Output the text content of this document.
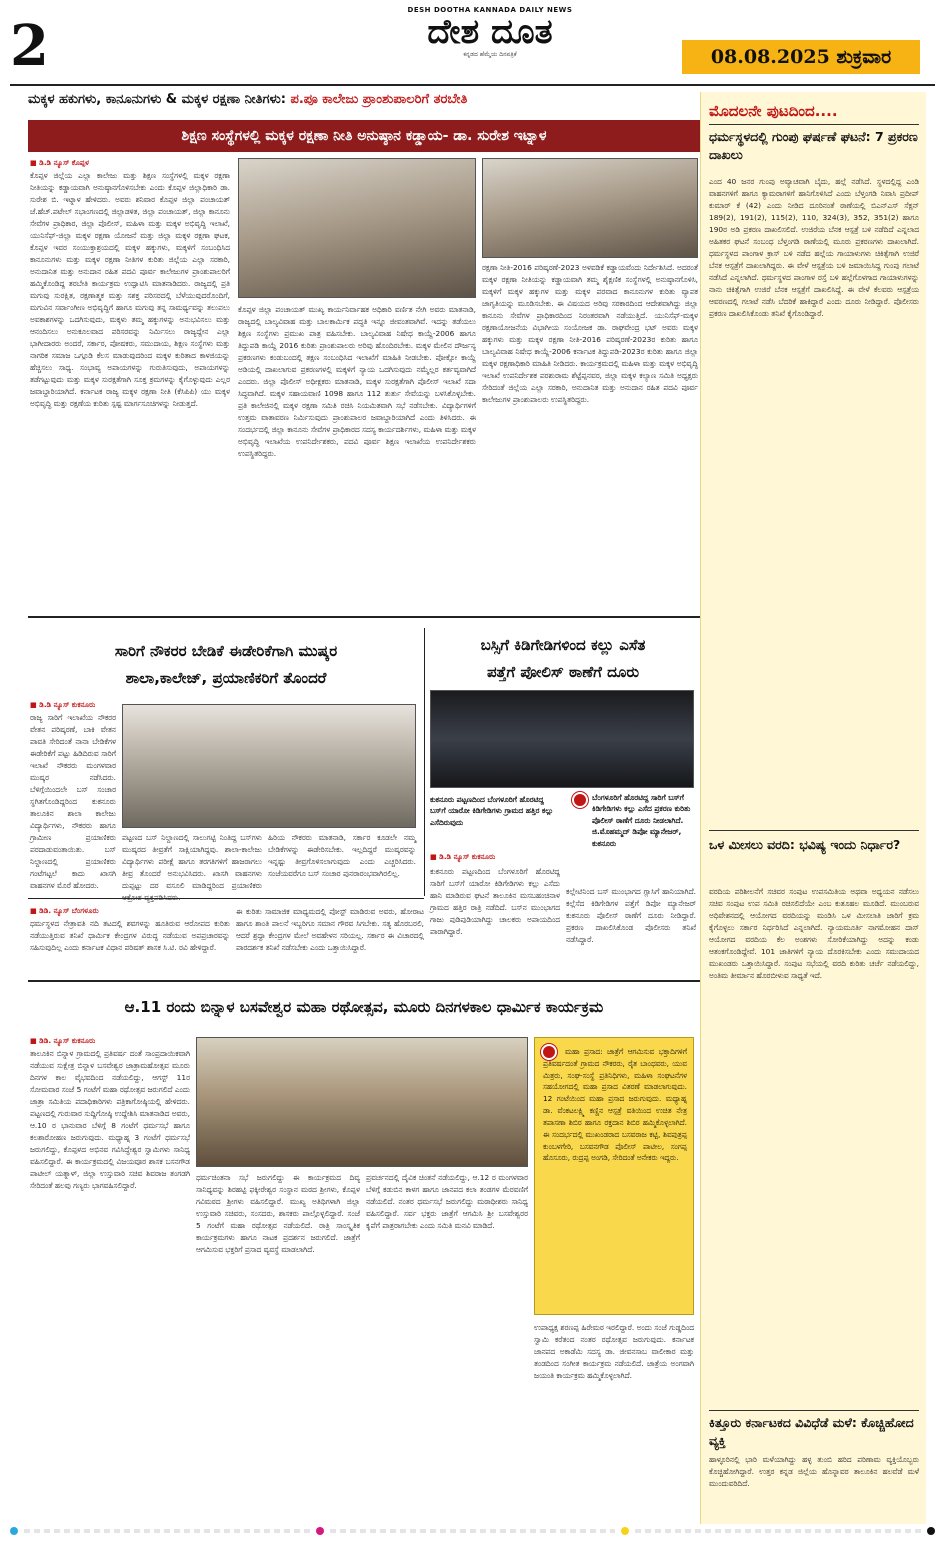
2
DESH DOOTHA KANNADA DAILY NEWS
ದೇಶ ದೂತ
ಕನ್ನಡದ ಹೆಮ್ಮೆಯ ದಿನಪತ್ರಿಕೆ	08.08.2025 ಶುಕ್ರವಾರ
ಮಕ್ಕಳ ಹಕುಗಳು, ಕಾನೂನುಗಳು & ಮಕ್ಕಳ ರಕ್ಷಣಾ ನೀತಿಗಳು: ಪ.ಪೂ ಕಾಲೇಜು ಪ್ರಾಂಶುಪಾಲರಿಗೆ ತರಬೇತಿ
ಶಿಕ್ಷಣ ಸಂಸ್ಥೆಗಳಲ್ಲಿ ಮಕ್ಕಳ ರಕ್ಷಣಾ ನೀತಿ ಅನುಷ್ಠಾನ ಕಡ್ಡಾಯ- ಡಾ. ಸುರೇಶ ಇಟ್ನಾಳ
■ ಡಿ.ಡಿ ನ್ಯೂಸ್ ಕೊಪ್ಪಳ
ಕೊಪ್ಪಳ ಜಿಲ್ಲೆಯ ಎಲ್ಲಾ ಕಾಲೇಜು ಮತ್ತು ಶಿಕ್ಷಣ ಸಂಸ್ಥೆಗಳಲ್ಲಿ ಮಕ್ಕಳ ರಕ್ಷಣಾ ನೀತಿಯನ್ನು ಕಡ್ಡಾಯವಾಗಿ ಅನುಷ್ಠಾನಗೊಳಿಸಬೇಕು ಎಂದು ಕೊಪ್ಪಳ ಜಿಲ್ಲಾಧಿಕಾರಿ ಡಾ. ಸುರೇಶ ಬಿ. ಇಟ್ನಾಳ ಹೇಳಿದರು. ಅವರು ಶನಿವಾರ ಕೊಪ್ಪಳ ಜಿಲ್ಲಾ ಪಂಚಾಯತ್ ಜೆ.ಹೆಚ್.ಪಟೇಲ್ ಸಭಾಂಗಣದಲ್ಲಿ ಜಿಲ್ಲಾಡಳಿತ, ಜಿಲ್ಲಾ ಪಂಚಾಯತ್, ಜಿಲ್ಲಾ ಕಾನೂನು ಸೇವೆಗಳ ಪ್ರಾಧಿಕಾರ, ಜಿಲ್ಲಾ ಪೊಲೀಸ್, ಮಹಿಳಾ ಮತ್ತು ಮಕ್ಕಳ ಅಭಿವೃದ್ಧಿ ಇಲಾಖೆ, ಯುನಿಸೆಫ್-ಜಿಲ್ಲಾ ಮಕ್ಕಳ ರಕ್ಷಣಾ ಯೋಜನೆ ಮತ್ತು ಜಿಲ್ಲಾ ಮಕ್ಕಳ ರಕ್ಷಣಾ ಘಟಕ, ಕೊಪ್ಪಳ ಇವರ ಸಂಯುಕ್ತಾಶ್ರಯದಲ್ಲಿ ಮಕ್ಕಳ ಹಕ್ಕುಗಳು, ಮಕ್ಕಳಿಗೆ ಸಂಬಂಧಿಸಿದ ಕಾನೂನುಗಳು ಮತ್ತು ಮಕ್ಕಳ ರಕ್ಷಣಾ ನೀತಿಗಳ ಕುರಿತು ಜಿಲ್ಲೆಯ ಎಲ್ಲಾ ಸರಕಾರಿ, ಅನುದಾನಿತ ಮತ್ತು ಅನುದಾನ ರಹಿತ ಪದವಿ ಪೂರ್ವ ಕಾಲೇಜುಗಳ ಪ್ರಾಂಶುಪಾಲರಿಗೆ ಹಮ್ಮಿಕೊಂಡಿದ್ದ ತರಬೇತಿ ಕಾರ್ಯಕ್ರಮ ಉದ್ಘಾಟಿಸಿ ಮಾತನಾಡಿದರು. ರಾಜ್ಯದಲ್ಲಿ ಪ್ರತಿ ಮಗುವು ಸುರಕ್ಷಿತ, ರಕ್ಷಣಾತ್ಮಕ ಮತ್ತು ಸಶಕ್ತ ಪರಿಸರದಲ್ಲಿ ಬೆಳೆಯುವುದರೊಂದಿಗೆ, ಮಗುವಿನ ಸರ್ವಾಂಗೀಣ ಅಭಿವೃದ್ಧಿಗೆ ಹಾಗೂ ಮಗುವು ತನ್ನ ಸಾಮರ್ಥ್ಯವನ್ನು ತಲುಪಲು ಅವಕಾಶಗಳನ್ನು ಒದಗಿಸುವುದು, ಮಕ್ಕಳು ತಮ್ಮ ಹಕ್ಕುಗಳನ್ನು ಅನುಭವಿಸಲು ಮತ್ತು ಆನಂದಿಸಲು ಅನುಕೂಲವಾದ ಪರಿಸರವನ್ನು ನಿರ್ಮಿಸಲು ರಾಜ್ಯದ್ದೇನ ಎಲ್ಲಾ ಭಾಗೀದಾರರು ಅಂದರೆ, ಸರ್ಕಾರ, ಪೋಷಕರು, ಸಮುದಾಯ, ಶಿಕ್ಷಣ ಸಂಸ್ಥೆಗಳು ಮತ್ತು ನಾಗರಿಕ ಸಮಾಜ ಒಗ್ಗೂಡಿ ಕೆಲಸ ಮಾಡುವುದರಿಂದ ಮಕ್ಕಳ ಕುರಿತಾದ ಕಾಳಜಿಯನ್ನು ಹೆಚ್ಚಿಸಲು ಸಾಧ್ಯ. ಸಂಭಾವ್ಯ ಅಪಾಯಗಳನ್ನು ಗುರುತಿಸುವುದು, ಅಪಾಯಗಳನ್ನು ತಡೆಗಟ್ಟುವುದು ಮತ್ತು ಮಕ್ಕಳ ಸುರಕ್ಷತೆಗಾಗಿ ಸೂಕ್ತ ಕ್ರಮಗಳನ್ನು ಕೈಗೊಳ್ಳುವುದು ಎಲ್ಲರ ಜವಾಬ್ದಾರಿಯಾಗಿದೆ. ಕರ್ನಾಟಕ ರಾಜ್ಯ ಮಕ್ಕಳ ರಕ್ಷಣಾ ನೀತಿ (ಕೆಸಿಪಿಪಿ) ಯು ಮಕ್ಕಳ ಅಭಿವೃದ್ಧಿ ಮತ್ತು ರಕ್ಷಣೆಯ ಕುರಿತು ಸ್ಪಷ್ಟ ಮಾರ್ಗಸೂಚಿಗಳನ್ನು ನೀಡುತ್ತದೆ.
ಕೊಪ್ಪಳ ಜಿಲ್ಲಾ ಪಂಚಾಯತ್ ಮುಖ್ಯ ಕಾರ್ಯನಿರ್ವಾಹಕ ಅಧಿಕಾರಿ ವರ್ಣಿತ ನೇಗಿ ಅವರು ಮಾತನಾಡಿ, ರಾಜ್ಯದಲ್ಲಿ ಬಾಲ್ಯವಿವಾಹ ಮತ್ತು ಬಾಲಕಾರ್ಮಿಕ ಪದ್ಧತಿ ಇನ್ನೂ ಜೀವಂತವಾಗಿವೆ. ಇದನ್ನು ತಡೆಯಲು ಶಿಕ್ಷಣ ಸಂಸ್ಥೆಗಳು ಪ್ರಮುಖ ಪಾತ್ರ ವಹಿಸಬೇಕು. ಬಾಲ್ಯವಿವಾಹ ನಿಷೇಧ ಕಾಯ್ದೆ-2006 ಹಾಗೂ ತಿದ್ದುಪಡಿ ಕಾಯ್ದೆ 2016 ಕುರಿತು ಪ್ರಾಂಶುಪಾಲರು ಅರಿವು ಹೊಂದಿರಬೇಕು. ಮಕ್ಕಳ ಮೇಲಿನ ದೌರ್ಜನ್ಯ ಪ್ರಕರಣಗಳು ಕಂಡುಬಂದಲ್ಲಿ ತಕ್ಷಣ ಸಂಬಂಧಿಸಿದ ಇಲಾಖೆಗೆ ಮಾಹಿತಿ ನೀಡಬೇಕು. ಪೋಕ್ಸೋ ಕಾಯ್ದೆ ಅಡಿಯಲ್ಲಿ ದಾಖಲಾಗುವ ಪ್ರಕರಣಗಳಲ್ಲಿ ಮಕ್ಕಳಿಗೆ ನ್ಯಾಯ ಒದಗಿಸುವುದು ನಮ್ಮೆಲ್ಲರ ಕರ್ತವ್ಯವಾಗಿದೆ ಎಂದರು. ಜಿಲ್ಲಾ ಪೊಲೀಸ್ ಅಧೀಕ್ಷಕರು ಮಾತನಾಡಿ, ಮಕ್ಕಳ ಸುರಕ್ಷತೆಗಾಗಿ ಪೊಲೀಸ್ ಇಲಾಖೆ ಸದಾ ಸಿದ್ಧವಾಗಿದೆ. ಮಕ್ಕಳ ಸಹಾಯವಾಣಿ 1098 ಹಾಗೂ 112 ತುರ್ತು ಸೇವೆಯನ್ನು ಬಳಸಿಕೊಳ್ಳಬೇಕು. ಪ್ರತಿ ಕಾಲೇಜಿನಲ್ಲಿ ಮಕ್ಕಳ ರಕ್ಷಣಾ ಸಮಿತಿ ರಚಿಸಿ ನಿಯಮಿತವಾಗಿ ಸಭೆ ನಡೆಸಬೇಕು. ವಿದ್ಯಾರ್ಥಿಗಳಿಗೆ ಉತ್ತಮ ವಾತಾವರಣ ನಿರ್ಮಿಸುವುದು ಪ್ರಾಂಶುಪಾಲರ ಜವಾಬ್ದಾರಿಯಾಗಿದೆ ಎಂದು ತಿಳಿಸಿದರು. ಈ ಸಂದರ್ಭದಲ್ಲಿ ಜಿಲ್ಲಾ ಕಾನೂನು ಸೇವೆಗಳ ಪ್ರಾಧಿಕಾರದ ಸದಸ್ಯ ಕಾರ್ಯದರ್ಶಿಗಳು, ಮಹಿಳಾ ಮತ್ತು ಮಕ್ಕಳ ಅಭಿವೃದ್ಧಿ ಇಲಾಖೆಯ ಉಪನಿರ್ದೇಶಕರು, ಪದವಿ ಪೂರ್ವ ಶಿಕ್ಷಣ ಇಲಾಖೆಯ ಉಪನಿರ್ದೇಶಕರು ಉಪಸ್ಥಿತರಿದ್ದರು.
ರಕ್ಷಣಾ ನೀತಿ-2016 ಪರಿಷ್ಕರಣೆ-2023 ಅಳವಡಿಕೆ ಕಡ್ಡಾಯವೆಂದು ನಿರ್ದೇಶಿಸಿದೆ. ಅದರಂತೆ ಮಕ್ಕಳ ರಕ್ಷಣಾ ನೀತಿಯನ್ನು ಕಡ್ಡಾಯವಾಗಿ ತಮ್ಮ ಶೈಕ್ಷಣಿಕ ಸಂಸ್ಥೆಗಳಲ್ಲಿ ಅನುಷ್ಠಾನಗೊಳಿಸಿ, ಮಕ್ಕಳಿಗೆ ಮಕ್ಕಳ ಹಕ್ಕುಗಳ ಮತ್ತು ಮಕ್ಕಳ ಪರವಾದ ಕಾನೂನುಗಳ ಕುರಿತು ವ್ಯಾಪಕ ಜಾಗೃತಿಯನ್ನು ಮೂಡಿಸಬೇಕು. ಈ ವಿಷಯದ ಅರಿವು ಸರಕಾರದಿಂದ ಆದೇಶವಾಗಿದ್ದು ಜಿಲ್ಲಾ ಕಾನೂನು ಸೇವೆಗಳ ಪ್ರಾಧಿಕಾರದಿಂದ ನಿರಂತರವಾಗಿ ನಡೆಯುತ್ತಿದೆ. ಯುನಿಸೆಫ್-ಮಕ್ಕಳ ರಕ್ಷಣಾಯೋಜನೆಯ ವಿಭಾಗೀಯ ಸಂಯೋಜಕ ಡಾ. ರಾಘವೇಂದ್ರ ಭಟ್ ಅವರು ಮಕ್ಕಳ ಹಕ್ಕುಗಳು ಮತ್ತು ಮಕ್ಕಳ ರಕ್ಷಣಾ ನೀತಿ-2016 ಪರಿಷ್ಕರಣೆ-2023ರ ಕುರಿತು ಹಾಗೂ ಬಾಲ್ಯವಿವಾಹ ನಿಷೇಧ ಕಾಯ್ದೆ-2006 ಕರ್ನಾಟಕ ತಿದ್ದುಪಡಿ-2023ರ ಕುರಿತು ಹಾಗೂ ಜಿಲ್ಲಾ ಮಕ್ಕಳ ರಕ್ಷಣಾಧಿಕಾರಿ ಮಾಹಿತಿ ನೀಡಿದರು. ಕಾರ್ಯಕ್ರಮದಲ್ಲಿ ಮಹಿಳಾ ಮತ್ತು ಮಕ್ಕಳ ಅಭಿವೃದ್ಧಿ ಇಲಾಖೆ ಉಪನಿರ್ದೇಶಕ ಪರಶುರಾಮ ಶೆಟ್ಟೆಪ್ಪನವರ, ಜಿಲ್ಲಾ ಮಕ್ಕಳ ಕಲ್ಯಾಣ ಸಮಿತಿ ಅಧ್ಯಕ್ಷರು ಸೇರಿದಂತೆ ಜಿಲ್ಲೆಯ ಎಲ್ಲಾ ಸರಕಾರಿ, ಅನುದಾನಿತ ಮತ್ತು ಅನುದಾನ ರಹಿತ ಪದವಿ ಪೂರ್ವ ಕಾಲೇಜುಗಳ ಪ್ರಾಂಶುಪಾಲರು ಉಪಸ್ಥಿತರಿದ್ದರು.
ಸಾರಿಗೆ ನೌಕರರ ಬೇಡಿಕೆ ಈಡೇರಿಕೆಗಾಗಿ ಮುಷ್ಕರ
ಶಾಲಾ,ಕಾಲೇಜ್, ಪ್ರಯಾಣಿಕರಿಗೆ ತೊಂದರೆ
■ ಡಿ.ಡಿ ನ್ಯೂಸ್ ಕುಕನೂರು
ರಾಜ್ಯ ಸಾರಿಗೆ ಇಲಾಖೆಯ ನೌಕರರ ವೇತನ ಪರಿಷ್ಕರಣೆ, ಬಾಕಿ ವೇತನ ಪಾವತಿ ಸೇರಿದಂತೆ ನಾನಾ ಬೇಡಿಕೆಗಳ ಈಡೇರಿಕೆಗೆ ಪಟ್ಟು ಹಿಡಿದಿರುವ ಸಾರಿಗೆ ಇಲಾಖೆ ನೌಕರರು ಮಂಗಳವಾರ ಮುಷ್ಕರ ನಡೆಸಿದರು. ಬೆಳಿಗ್ಗೆಯಿಂದಲೇ ಬಸ್ ಸಂಚಾರ ಸ್ಥಗಿತಗೊಂಡಿದ್ದರಿಂದ ಕುಕನೂರು ತಾಲೂಕಿನ ಶಾಲಾ ಕಾಲೇಜು ವಿದ್ಯಾರ್ಥಿಗಳು, ನೌಕರರು ಹಾಗೂ ಗ್ರಾಮೀಣ ಪ್ರಯಾಣಿಕರು ಪರದಾಡುವಂತಾಯಿತು. ಬಸ್ ನಿಲ್ದಾಣದಲ್ಲಿ ಪ್ರಯಾಣಿಕರು ಗಂಟೆಗಟ್ಟಲೆ ಕಾದು ಖಾಸಗಿ ವಾಹನಗಳ ಮೊರೆ ಹೋದರು.
ಪಟ್ಟಣದ ಬಸ್ ನಿಲ್ದಾಣದಲ್ಲಿ ಸಾಲುಗಟ್ಟಿ ನಿಂತಿದ್ದ ಬಸ್‌ಗಳು ಮುಷ್ಕರದ ತೀವ್ರತೆಗೆ ಸಾಕ್ಷಿಯಾಗಿದ್ದವು. ಶಾಲಾ-ಕಾಲೇಜು ವಿದ್ಯಾರ್ಥಿಗಳು ಪರೀಕ್ಷೆ ಹಾಗೂ ತರಗತಿಗಳಿಗೆ ಹಾಜರಾಗಲು ತೀವ್ರ ತೊಂದರೆ ಅನುಭವಿಸಿದರು. ಖಾಸಗಿ ವಾಹನಗಳು ದುಪ್ಪಟ್ಟು ದರ ವಸೂಲಿ ಮಾಡಿದ್ದರಿಂದ ಪ್ರಯಾಣಿಕರು
ಹಿರಿಯ ನೌಕರರು ಮಾತನಾಡಿ, ಸರ್ಕಾರ ಕೂಡಲೇ ನಮ್ಮ ಬೇಡಿಕೆಗಳನ್ನು ಈಡೇರಿಸಬೇಕು. ಇಲ್ಲದಿದ್ದರೆ ಮುಷ್ಕರವನ್ನು ಇನ್ನಷ್ಟು ತೀವ್ರಗೊಳಿಸಲಾಗುವುದು ಎಂದು ಎಚ್ಚರಿಸಿದರು. ಸಂಜೆಯವರೆಗೂ ಬಸ್ ಸಂಚಾರ ಪುನರಾರಂಭವಾಗಿರಲಿಲ್ಲ.
ಬಸ್ಸಿಗೆ ಕಿಡಿಗೇಡಿಗಳಿಂದ ಕಲ್ಲು ಎಸೆತ
ಪತ್ತೆಗೆ ಪೋಲಿಸ್ ಠಾಣೆಗೆ ದೂರು
ಕುಕನೂರು ಪಟ್ಟಣದಿಂದ ಬೆಂಗಳೂರಿಗೆ ಹೊರಟಿದ್ದ ಬಸ್‌ಗೆ ಯಾರೋ ಕಿಡಿಗೇಡಿಗಳು ಗ್ರಾಮದ ಹತ್ತಿರ ಕಲ್ಲು ಎಸೆದಿರುವುದು
ಬೆಂಗಳೂರಿಗೆ ಹೊರಟಿದ್ದ ಸಾರಿಗೆ ಬಸ್‌ಗೆ ಕಿಡಿಗೇಡಿಗಳು ಕಲ್ಲು ಎಸೆದ ಪ್ರಕರಣ ಕುರಿತು ಪೊಲೀಸ್ ಠಾಣೆಗೆ ದೂರು ನೀಡಲಾಗಿದೆ. ಜಿ.ಮೊಹಮ್ಮದ್ ಡಿಪೋ ಮ್ಯಾನೇಜರ್, ಕುಕನೂರು
■ ಡಿ.ಡಿ ನ್ಯೂಸ್ ಕುಕನೂರು
ಕುಕನೂರು ಪಟ್ಟಣದಿಂದ ಬೆಂಗಳೂರಿಗೆ ಹೊರಟಿದ್ದ ಸಾರಿಗೆ ಬಸ್‌ಗೆ ಯಾರೋ ಕಿಡಿಗೇಡಿಗಳು ಕಲ್ಲು ಎಸೆದು ಹಾನಿ ಮಾಡಿರುವ ಘಟನೆ ತಾಲೂಕಿನ ಮಸಬಹಂಚಿನಾಳ ಗ್ರಾಮದ ಹತ್ತಿರ ರಾತ್ರಿ ನಡೆದಿದೆ. ಬಸ್‌ನ ಮುಂಭಾಗದ ಗಾಜು ಪುಡಿಪುಡಿಯಾಗಿದ್ದು ಚಾಲಕರು ಅಪಾಯದಿಂದ ಪಾರಾಗಿದ್ದಾರೆ.
ಕಲ್ಲೇಟಿನಿಂದ ಬಸ್ ಮುಂಭಾಗದ ಗ್ಲಾಸಿಗೆ ಹಾನಿಯಾಗಿದೆ. ಕಲ್ಲೆಸೆದ ಕಿಡಿಗೇಡಿಗಳ ಪತ್ತೆಗೆ ಡಿಪೋ ಮ್ಯಾನೇಜರ್ ಕುಕನೂರು ಪೊಲೀಸ್ ಠಾಣೆಗೆ ದೂರು ನೀಡಿದ್ದಾರೆ. ಪ್ರಕರಣ ದಾಖಲಿಸಿಕೊಂಡ ಪೊಲೀಸರು ತನಿಖೆ ನಡೆಸಿದ್ದಾರೆ.
■ ಡಿಡಿ. ನ್ಯೂಸ್ ಬೆಂಗಳೂರು
ಧರ್ಮಸ್ಥಳದ ನೇತ್ರಾವತಿ ನದಿ ತಟದಲ್ಲಿ ಶವಗಳನ್ನು ಹೂತಿರುವ ಆರೋಪದ ಕುರಿತು ನಡೆಯುತ್ತಿರುವ ತನಿಖೆ ಧಾರ್ಮಿಕ ಕೇಂದ್ರಗಳ ವಿರುದ್ಧ ನಡೆಯುವ ಅಪಪ್ರಚಾರವನ್ನು ಸಹಿಸುವುದಿಲ್ಲ ಎಂದು ಕರ್ನಾಟಕ ವಿಧಾನ ಪರಿಷತ್ ಶಾಸಕ ಸಿ.ಟಿ. ರವಿ ಹೇಳಿದ್ದಾರೆ.
ಈ ಕುರಿತು ಸಾಮಾಜಿಕ ಮಾಧ್ಯಮದಲ್ಲಿ ಪೋಸ್ಟ್ ಮಾಡಿರುವ ಅವರು, ಹೋರಾಟ ಹಾಗೂ ಶಾಂತಿ ಪಾಲನೆ ಇಬ್ಬರಿಗೂ ಸಮಾನ ಗೌರವ ಸಿಗಬೇಕು. ಸತ್ಯ ಹೊರಬರಲಿ, ಆದರೆ ಶ್ರದ್ಧಾ ಕೇಂದ್ರಗಳ ಮೇಲೆ ಅವಹೇಳನ ಸರಿಯಲ್ಲ. ಸರ್ಕಾರ ಈ ವಿಚಾರದಲ್ಲಿ ಪಾರದರ್ಶಕ ತನಿಖೆ ನಡೆಸಬೇಕು ಎಂದು ಒತ್ತಾಯಿಸಿದ್ದಾರೆ.
ಆ.11 ರಂದು ಬಿನ್ನಾಳ ಬಸವೇಶ್ವರ ಮಹಾ ರಥೋತ್ಸವ, ಮೂರು ದಿನಗಳಕಾಲ ಧಾರ್ಮಿಕ ಕಾರ್ಯಕ್ರಮ
■ ಡಿಡಿ. ನ್ಯೂಸ್ ಕುಕನೂರು
ತಾಲೂಕಿನ ಬಿನ್ನಾಳ ಗ್ರಾಮದಲ್ಲಿ ಪ್ರತಿವರ್ಷ ದಂತೆ ಸಾಂಪ್ರದಾಯಿಕವಾಗಿ ನಡೆಯುವ ಸುಕ್ಷೇತ್ರ ಬಿನ್ನಾಳ ಬಸವೇಶ್ವರ ಜಾತ್ರಾಮಹೋತ್ಸವ ಮೂರು ದಿನಗಳ ಕಾಲ ವೈಭವದಿಂದ ನಡೆಯಲಿದ್ದು, ಆಗಸ್ಟ್ 11ರ ಸೋಮವಾರ ಸಂಜೆ 5 ಗಂಟೆಗೆ ಮಹಾ ರಥೋತ್ಸವ ಜರುಗಲಿದೆ ಎಂದು ಜಾತ್ರಾ ಸಮಿತಿಯ ಪದಾಧಿಕಾರಿಗಳು ಪತ್ರಿಕಾಗೋಷ್ಠಿಯಲ್ಲಿ ಹೇಳಿದರು. ಪಟ್ಟಣದಲ್ಲಿ ಗುರುವಾರ ಸುದ್ದಿಗೋಷ್ಠಿ ಉದ್ದೇಶಿಸಿ ಮಾತನಾಡಿದ ಅವರು, ಆ.10 ರ ಭಾನುವಾರ ಬೆಳಿಗ್ಗೆ 8 ಗಂಟೆಗೆ ಧರ್ಮಸಭೆ ಹಾಗೂ ಕಲಶಾರೋಹಣ ಜರುಗುವುದು. ಮಧ್ಯಾಹ್ನ 3 ಗಂಟೆಗೆ ಧರ್ಮಸಭೆ ಜರುಗಲಿದ್ದು, ಕೊಪ್ಪಳದ ಅಭಿನವ ಗವಿಸಿದ್ಧೇಶ್ವರ ಸ್ವಾಮಿಗಳು ಸಾನಿಧ್ಯ ವಹಿಸಲಿದ್ದಾರೆ. ಈ ಕಾರ್ಯಕ್ರಮದಲ್ಲಿ ವಿಜಯವೂರ ಶಾಸಕ ಬಸನಗೌಡ ಪಾಟೀಲ್ ಯತ್ನಾಳ್, ಜಿಲ್ಲಾ ಉಸ್ತುವಾರಿ ಸಚಿವ ಶಿವರಾಜ ತಂಗಡಗಿ ಸೇರಿದಂತೆ ಹಲವು ಗಣ್ಯರು ಭಾಗವಹಿಸಲಿದ್ದಾರೆ.
ಧರ್ಮಚಿಂತನಾ ಸಭೆ ಜರುಗಲಿದ್ದು ಈ ಕಾರ್ಯಕ್ರಮದ ದಿವ್ಯ ಸಾನಿಧ್ಯವನ್ನು ಶಿರಹಟ್ಟಿ ಫಕ್ಕೀರೇಶ್ವರ ಸಂಸ್ಥಾನ ಮಠದ ಶ್ರೀಗಳು, ಕೊಪ್ಪಳ ಗವಿಮಠದ ಶ್ರೀಗಳು ವಹಿಸಲಿದ್ದಾರೆ. ಮುಖ್ಯ ಅತಿಥಿಗಳಾಗಿ ಜಿಲ್ಲಾ ಉಸ್ತುವಾರಿ ಸಚಿವರು, ಸಂಸದರು, ಶಾಸಕರು ಪಾಲ್ಗೊಳ್ಳಲಿದ್ದಾರೆ. ಸಂಜೆ 5 ಗಂಟೆಗೆ ಮಹಾ ರಥೋತ್ಸವ ನಡೆಯಲಿದೆ. ರಾತ್ರಿ ಸಾಂಸ್ಕೃತಿಕ ಕಾರ್ಯಕ್ರಮಗಳು ಹಾಗೂ ನಾಟಕ ಪ್ರದರ್ಶನ ಜರುಗಲಿದೆ. ಜಾತ್ರೆಗೆ ಆಗಮಿಸುವ ಭಕ್ತರಿಗೆ ಪ್ರಸಾದ ವ್ಯವಸ್ಥೆ ಮಾಡಲಾಗಿದೆ.
ಪ್ರವರ್ಚನದಲ್ಲಿ ದೈವಿಕ ಚಿಂತನೆ ನಡೆಯಲಿದ್ದು, ಆ.12 ರ ಮಂಗಳವಾರ ಬೆಳಿಗ್ಗೆ ಕಡುಬಿನ ಕಾಳಗ ಹಾಗೂ ಜಾನಪದ ಕಲಾ ತಂಡಗಳ ಮೆರವಣಿಗೆ ನಡೆಯಲಿದೆ. ನಂತರ ಧರ್ಮಸಭೆ ಜರುಗಲಿದ್ದು ಮಠಾಧೀಶರು ಸಾನಿಧ್ಯ ವಹಿಸಲಿದ್ದಾರೆ. ಸರ್ವ ಭಕ್ತರು ಜಾತ್ರೆಗೆ ಆಗಮಿಸಿ ಶ್ರೀ ಬಸವೇಶ್ವರರ ಕೃಪೆಗೆ ಪಾತ್ರರಾಗಬೇಕು ಎಂದು ಸಮಿತಿ ಮನವಿ ಮಾಡಿದೆ.
ಮಹಾ ಪ್ರಸಾದ: ಜಾತ್ರೆಗೆ ಆಗಮಿಸುವ ಭಕ್ತಾದಿಗಳಿಗೆ ಪ್ರತಿವರ್ಷದಂತೆ ಗ್ರಾಮದ ನೌಕರರು, ರೈತ ಬಾಂಧವರು, ಯುವ ಮಿತ್ರರು, ಸಂಘ-ಸಂಸ್ಥೆ ಪ್ರತಿನಿಧಿಗಳು, ಮಹಿಳಾ ಸಂಘಟನೆಗಳ ಸಹಯೋಗದಲ್ಲಿ ಮಹಾ ಪ್ರಸಾದ ವಿತರಣೆ ಮಾಡಲಾಗುವುದು. 12 ಗಂಟೆಯಿಂದ ಮಹಾ ಪ್ರಸಾದ ಜರುಗುವುದು. ಮಧ್ಯಾಹ್ನ ಡಾ. ವೆಂಕಟಲಕ್ಷ್ಮಿ ಕಣ್ಣಿನ ಆಸ್ಪತ್ರೆ ವತಿಯಿಂದ ಉಚಿತ ನೇತ್ರ ತಪಾಸಣಾ ಶಿಬಿರ ಹಾಗೂ ರಕ್ತದಾನ ಶಿಬಿರ ಹಮ್ಮಿಕೊಳ್ಳಲಾಗಿದೆ. ಈ ಸಂದರ್ಭದಲ್ಲಿ ಮುಖಂಡರಾದ ಬಸವರಾಜ ಕಟ್ಟಿ, ಶಿವಪುತ್ರಪ್ಪ ಕುಂಬಳಗೇರಿ, ಬಸವನಗೌಡ ಪೊಲೀಸ್ ಪಾಟೀಲ, ಸಂಗಪ್ಪ ಹೊಸೂರು, ರುದ್ರಪ್ಪ ಅಂಗಡಿ, ಸೇರಿದಂತೆ ಅನೇಕರು ಇದ್ದರು.
ಉಪಾಧ್ಯಕ್ಷ ಶರಣಪ್ಪ ಹಿರೇಮಠ ಇರಲಿದ್ದಾರೆ. ಅಂದು ಸಂಜೆ ಗುಡ್ಡದಿಂದ ಸ್ವಾಮಿ ಕರೆತಂದ ನಂತರ ರಥೋತ್ಸವ ಜರುಗುವುದು. ಕರ್ನಾಟಕ ಜಾನಪದ ಅಕಾಡೆಮಿ ಸದಸ್ಯ ಡಾ. ಜೀವನಸಾಬ ವಾಲೀಕಾರ ಮತ್ತು ತಂಡದಿಂದ ಸಂಗೀತ ಕಾರ್ಯಕ್ರಮ ನಡೆಯಲಿದೆ. ಜಾತ್ರೆಯ ಅಂಗವಾಗಿ ಜಯಂತಿ ಕಾರ್ಯಕ್ರಮ ಹಮ್ಮಿಕೊಳ್ಳಲಾಗಿದೆ.
ಮೊದಲನೇ ಪುಟದಿಂದ....
ಧರ್ಮಸ್ಥಳದಲ್ಲಿ ಗುಂಪು ಘರ್ಷಣೆ ಘಟನೆ: 7 ಪ್ರಕರಣ ದಾಖಲು
ಎಂದ 40 ಜನರ ಗುಂಪು ಅವ್ಯಾಚವಾಗಿ ಬೈದು, ಹಲ್ಲೆ ನಡೆಸಿದೆ. ಸ್ಥಳದಲ್ಲಿದ್ದ ಎಂಡಿ ವಾಹನಗಳಿಗೆ ಹಾಗೂ ಕ್ಯಾಮರಾಗಳಿಗೆ ಹಾನಿಗೊಳಿಸಿದೆ ಎಂದು ಬೆಳ್ತಂಗಡಿ ನಿವಾಸಿ ಪ್ರದೀಪ್ ಕುಮಾರ್ ಕೆ (42) ಎಂದು ನೀಡಿದ ದೂರಿನಂತೆ ಠಾಣೆಯಲ್ಲಿ ಬಿಎನ್‌ಎಸ್ ಸೆಕ್ಷನ್ 189(2), 191(2), 115(2), 110, 324(3), 352, 351(2) ಹಾಗೂ 190ರ ಅಡಿ ಪ್ರಕರಣ ದಾಖಲಿಸಲಿದೆ. ಉಜಿರೆಯ ಬೆನಕ ಆಸ್ಪತ್ರೆ ಬಳಿ ನಡೆದಿದೆ ಎನ್ನಲಾದ ಅಹಿತಕರ ಘಟನೆ ಸಂಬಂಧ ಬೆಳ್ತಂಗಡಿ ಠಾಣೆಯಲ್ಲಿ ಮೂರು ಪ್ರಕರಣಗಳು ದಾಖಲಾಗಿದೆ. ಧರ್ಮಸ್ಥಳದ ಪಾಂಗಾಳ ಕ್ರಾಸ್ ಬಳಿ ನಡೆದ ಹಲ್ಲೆಯ ಗಾಯಾಳುಗಳು ಚಿಕಿತ್ಸೆಗಾಗಿ ಉಜಿರೆ ಬೆನಕ ಆಸ್ಪತ್ರೆಗೆ ದಾಖಲಾಗಿದ್ದರು. ಈ ವೇಳೆ ಆಸ್ಪತ್ರೆಯ ಬಳಿ ಜಮಾಯಿಸಿದ್ದ ಗುಂಪು ಗಲಾಟೆ ನಡೆಸಿದೆ ಎನ್ನಲಾಗಿದೆ. ಧರ್ಮಸ್ಥಳದ ಪಾಂಗಾಳ ರಸ್ತೆ ಬಳಿ ಹಲ್ಲೆಗೊಳಗಾದ ಗಾಯಾಳುಗಳನ್ನು ನಾನು ಚಿಕಿತ್ಸೆಗಾಗಿ ಉಜಿರೆ ಬೆನಕ ಆಸ್ಪತ್ರೆಗೆ ದಾಖಲಿಸಿದ್ದೆ. ಈ ವೇಳೆ ಕೆಲವರು ಆಸ್ಪತ್ರೆಯ ಆವರಣದಲ್ಲಿ ಗಲಾಟೆ ನಡೆಸಿ ಬೆದರಿಕೆ ಹಾಕಿದ್ದಾರೆ ಎಂದು ದೂರು ನೀಡಿದ್ದಾರೆ. ಪೊಲೀಸರು ಪ್ರಕರಣ ದಾಖಲಿಸಿಕೊಂಡು ತನಿಖೆ ಕೈಗೊಂಡಿದ್ದಾರೆ.
ಒಳ ಮೀಸಲು ವರದಿ: ಭವಿಷ್ಯ ಇಂದು ನಿರ್ಧಾರ?
ವರದಿಯ ಪರಿಶೀಲನೆಗೆ ಸಚಿವರ ಸಂಪುಟ ಉಪಸಮಿತಿಯ ಅಥವಾ ಅಧ್ಯಯನ ನಡೆಸಲು ಸಚಿವ ಸಂಪುಟ ಉಪ ಸಮಿತಿ ರಚಿಸಲಿದೆಯೇ ಎಂಬ ಕುತೂಹಲ ಮೂಡಿದೆ. ಮುಂಬರುವ ಅಧಿವೇಶನದಲ್ಲಿ ಆಯೋಗದ ವರದಿಯನ್ನು ಮಂಡಿಸಿ ಒಳ ಮೀಸಲಾತಿ ಜಾರಿಗೆ ಕ್ರಮ ಕೈಗೊಳ್ಳಲು ಸರ್ಕಾರ ನಿರ್ಧರಿಸಿದೆ ಎನ್ನಲಾಗಿದೆ. ನ್ಯಾಯಮೂರ್ತಿ ನಾಗಮೋಹನ ದಾಸ್ ಆಯೋಗದ ವರದಿಯ ಕೆಲ ಅಂಶಗಳು ಸೋರಿಕೆಯಾಗಿದ್ದು ಅದನ್ನು ಕಂಡು ಆತಂಕಗೊಂಡಿದ್ದೇವೆ. 101 ಜಾತಿಗಳಿಗೆ ನ್ಯಾಯ ದೊರಕಿಸಬೇಕು ಎಂದು ಸಮುದಾಯದ ಮುಖಂಡರು ಒತ್ತಾಯಿಸಿದ್ದಾರೆ. ಸಂಪುಟ ಸಭೆಯಲ್ಲಿ ವರದಿ ಕುರಿತು ಚರ್ಚೆ ನಡೆಯಲಿದ್ದು, ಅಂತಿಮ ತೀರ್ಮಾನ ಹೊರಬೀಳುವ ಸಾಧ್ಯತೆ ಇದೆ.
ಕಿತ್ತೂರು ಕರ್ನಾಟಕದ ವಿವಿಧೆಡೆ ಮಳೆ: ಕೊಚ್ಚಿಹೋದ ವ್ಯಕ್ತಿ
ಹಾಳ್ಳೂರಿನಲ್ಲಿ ಭಾರಿ ಮಳೆಯಾಗಿದ್ದು ಹಳ್ಳ ತುಂಬಿ ಹರಿದ ಪರಿಣಾಮ ವ್ಯಕ್ತಿಯೊಬ್ಬರು ಕೊಚ್ಚಿಹೋಗಿದ್ದಾರೆ. ಉತ್ತರ ಕನ್ನಡ ಜಿಲ್ಲೆಯ ಹೊನ್ನಾವರ ತಾಲೂಕಿನ ಹಲವೆಡೆ ಮಳೆ ಮುಂದುವರಿದಿದೆ.
